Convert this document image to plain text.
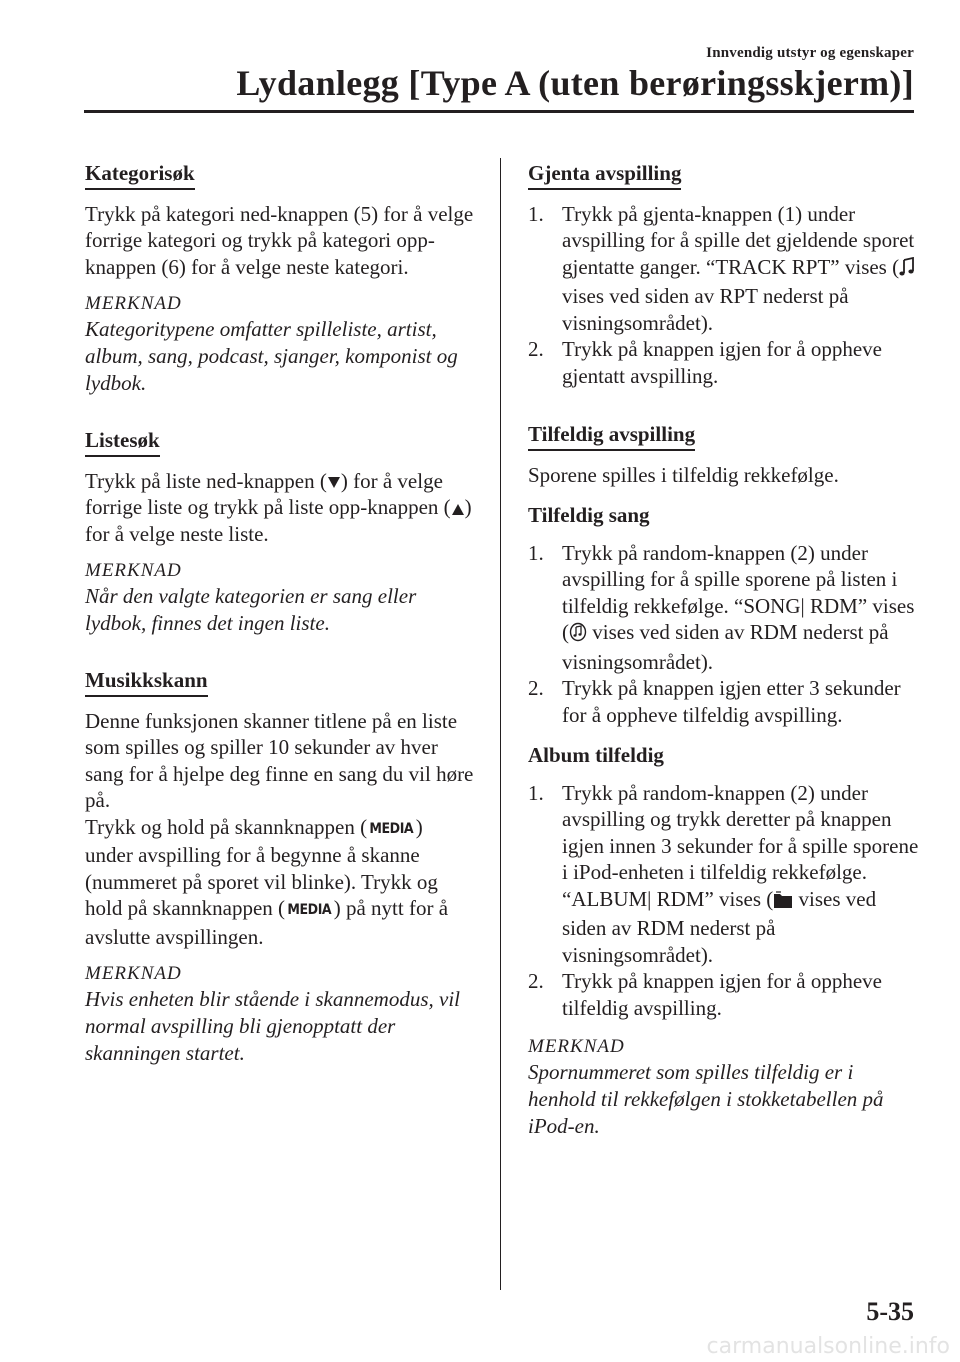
Innvendig utstyr og egenskaper
Lydanlegg [Type A (uten berøringsskjerm)]
Kategorisøk

Trykk på kategori ned-knappen (5) for å velge forrige kategori og trykk på kategori opp-knappen (6) for å velge neste kategori.

MERKNAD
Kategoritypene omfatter spilleliste, artist, album, sang, podcast, sjanger, komponist og lydbok.
Listesøk

Trykk på liste ned-knappen ( ) for å velge forrige liste og trykk på liste opp-knappen ( ) for å velge neste liste.

MERKNAD
Når den valgte kategorien er sang eller lydbok, finnes det ingen liste.
Musikkskann

Denne funksjonen skanner titlene på en liste som spilles og spiller 10 sekunder av hver sang for å hjelpe deg finne en sang du vil høre på.

Trykk og hold på skannknappen ( MEDIA ) under avspilling for å begynne å skanne (nummeret på sporet vil blinke). Trykk og hold på skannknappen ( MEDIA ) på nytt for å avslutte avspillingen.

MERKNAD
Hvis enheten blir stående i skannemodus, vil normal avspilling bli gjenopptatt der skanningen startet.
Gjenta avspilling
1. Trykk på gjenta-knappen (1) under avspilling for å spille det gjeldende sporet gjentatte ganger. “TRACK RPT” vises (vises ved siden av RPT nederst på visningsområdet).
2. Trykk på knappen igjen for å oppheve gjentatt avspilling.
Tilfeldig avspilling

Sporene spilles i tilfeldig rekkefølge.

Tilfeldig sang
1. Trykk på random-knappen (2) under avspilling for å spille sporene på listen i tilfeldig rekkefølge. “SONG| RDM” vises ( vises ved siden av RDM nederst på visningsområdet).
2. Trykk på knappen igjen etter 3 sekunder for å oppheve tilfeldig avspilling.
Album tilfeldig
1. Trykk på random-knappen (2) under avspilling og trykk deretter på knappen igjen innen 3 sekunder for å spille sporene i iPod-enheten i tilfeldig rekkefølge. “ALBUM| RDM” vises ( vises ved siden av RDM nederst på visningsområdet).
2. Trykk på knappen igjen for å oppheve tilfeldig avspilling.
MERKNAD
Spornummeret som spilles tilfeldig er i henhold til rekkefølgen i stokketabellen på iPod-en.
5-35
carmanualsonline.info
